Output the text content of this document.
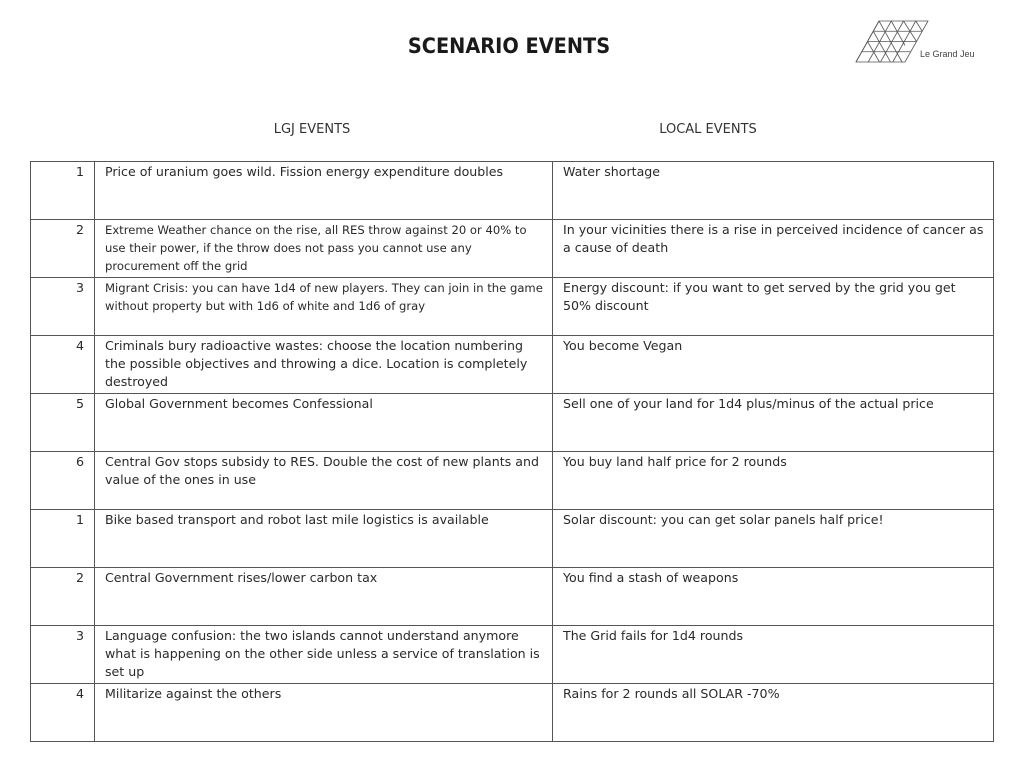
SCENARIO EVENTS	Le Grand Jeu
LGJ EVENTS	LOCAL EVENTS
1	Price of uranium goes wild. Fission energy expenditure doubles	Water shortage
2	Extreme Weather chance on the rise, all RES throw against 20 or 40% to use their power, if the throw does not pass you cannot use any procurement off the grid	In your vicinities there is a rise in perceived incidence of cancer as a cause of death
3	Migrant Crisis: you can have 1d4 of new players. They can join in the game without property but with 1d6 of white and 1d6 of gray	Energy discount: if you want to get served by the grid you get 50% discount
4	Criminals bury radioactive wastes: choose the location numbering the possible objectives and throwing a dice. Location is completely destroyed	You become Vegan
5	Global Government becomes Confessional	Sell one of your land for 1d4 plus/minus of the actual price
6	Central Gov stops subsidy to RES. Double the cost of new plants and value of the ones in use	You buy land half price for 2 rounds
1	Bike based transport and robot last mile logistics is available	Solar discount: you can get solar panels half price!
2	Central Government rises/lower carbon tax	You find a stash of weapons
3	Language confusion: the two islands cannot understand anymore what is happening on the other side unless a service of translation is set up	The Grid fails for 1d4 rounds
4	Militarize against the others	Rains for 2 rounds all SOLAR -70%
